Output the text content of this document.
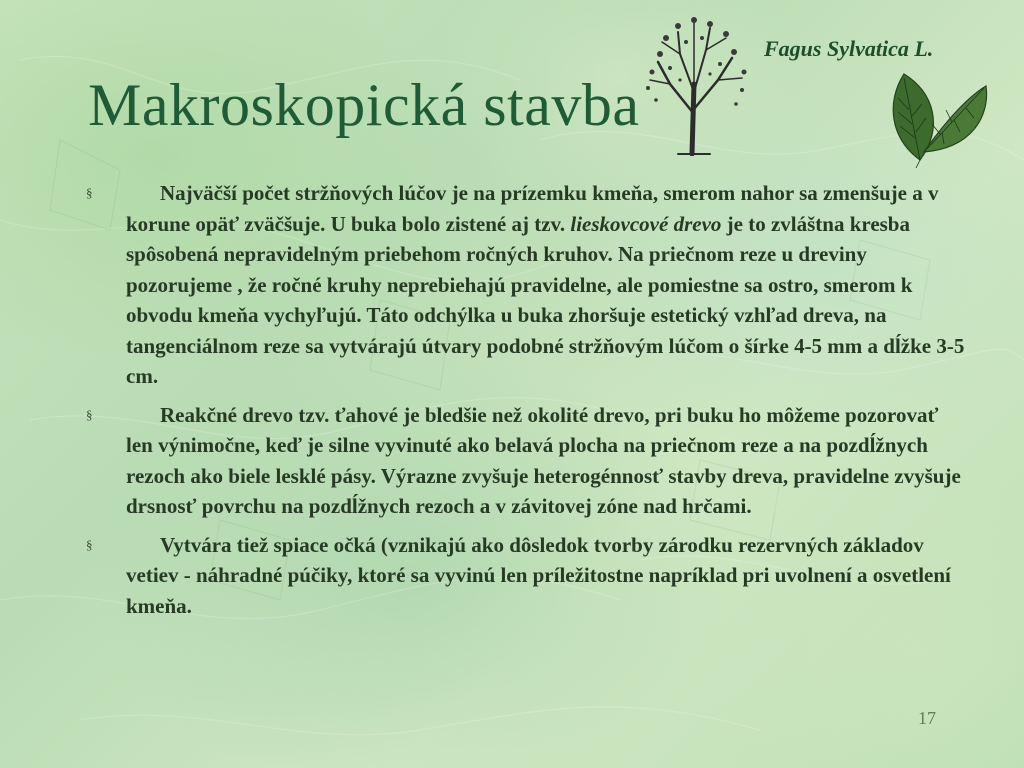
Makroskopická stavba
Fagus Sylvatica L.
§	Najväčší počet stržňových lúčov je na prízemku kmeňa, smerom nahor sa zmenšuje a v korune opäť zväčšuje. U buka bolo zistené aj tzv. lieskovcové drevo je to zvláštna kresba spôsobená nepravidelným priebehom ročných kruhov. Na priečnom reze u dreviny pozorujeme , že ročné kruhy neprebiehajú pravidelne, ale pomiestne sa ostro, smerom k obvodu kmeňa vychyľujú. Táto odchýlka u buka zhoršuje estetický vzhľad dreva, na tangenciálnom reze sa vytvárajú útvary podobné stržňovým lúčom o šírke 4-5 mm a dĺžke 3-5 cm.
§	Reakčné drevo tzv. ťahové je bledšie než okolité drevo, pri buku ho môžeme pozorovať len výnimočne, keď je silne vyvinuté ako belavá plocha na priečnom reze a na pozdĺžnych rezoch ako biele lesklé pásy. Výrazne zvyšuje heterogénnosť stavby dreva, pravidelne zvyšuje drsnosť povrchu na pozdĺžnych rezoch a v závitovej zóne nad hrčami.
§	Vytvára tiež spiace očká (vznikajú ako dôsledok tvorby zárodku rezervných základov vetiev - náhradné púčiky, ktoré sa vyvinú len príležitostne napríklad pri uvolnení a osvetlení kmeňa.
17
